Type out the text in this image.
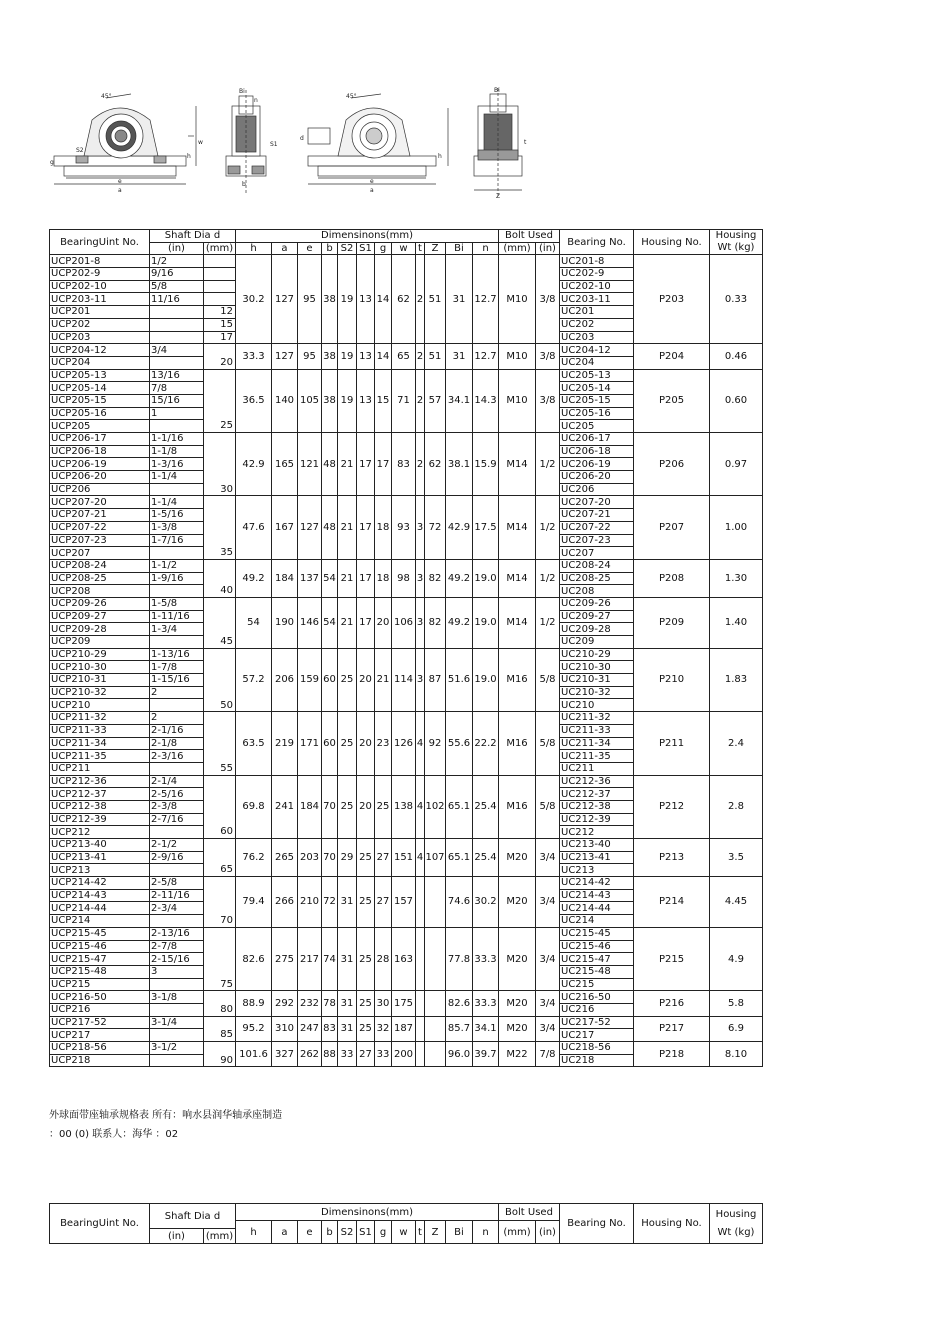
45°
g
S2
h
w
e
a
Bi
n
S1
b
45°
d
h
e
a
Bi
t
Z
BearingUint No.	Shaft Dia d		Dimensinons(mm)												Bolt Used		Bearing No.	Housing No.	Housing
Wt (kg)
			h	a	e	b	S2	S1	g	w	t	Z	Bi	n	(mm)	(in)			
	(in)	(mm)																	
UCP201-8	1/2		30.2	127	95	38	19	13	14	62	2	51	31	12.7	M10	3/8	UC201-8	P203	0.33
UCP202-9	9/16																UC202-9		
UCP202-10	5/8																UC202-10		
UCP203-11	11/16																UC203-11		
UCP201		12															UC201		
UCP202		15															UC202		
UCP203		17															UC203		
UCP204-12	3/4		33.3	127	95	38	19	13	14	65	2	51	31	12.7	M10	3/8	UC204-12	P204	0.46
UCP204		20															UC204		
UCP205-13	13/16		36.5	140	105	38	19	13	15	71	2	57	34.1	14.3	M10	3/8	UC205-13	P205	0.60
UCP205-14	7/8																UC205-14		
UCP205-15	15/16																UC205-15		
UCP205-16	1																UC205-16		
UCP205		25															UC205		
UCP206-17	1-1/16		42.9	165	121	48	21	17	17	83	2	62	38.1	15.9	M14	1/2	UC206-17	P206	0.97
UCP206-18	1-1/8																UC206-18		
UCP206-19	1-3/16																UC206-19		
UCP206-20	1-1/4																UC206-20		
UCP206		30															UC206		
UCP207-20	1-1/4		47.6	167	127	48	21	17	18	93	3	72	42.9	17.5	M14	1/2	UC207-20	P207	1.00
UCP207-21	1-5/16																UC207-21		
UCP207-22	1-3/8																UC207-22		
UCP207-23	1-7/16																UC207-23		
UCP207		35															UC207		
UCP208-24	1-1/2		49.2	184	137	54	21	17	18	98	3	82	49.2	19.0	M14	1/2	UC208-24	P208	1.30
UCP208-25	1-9/16																UC208-25		
UCP208		40															UC208		
UCP209-26	1-5/8		54	190	146	54	21	17	20	106	3	82	49.2	19.0	M14	1/2	UC209-26	P209	1.40
UCP209-27	1-11/16																UC209-27		
UCP209-28	1-3/4																UC209-28		
UCP209		45															UC209		
UCP210-29	1-13/16		57.2	206	159	60	25	20	21	114	3	87	51.6	19.0	M16	5/8	UC210-29	P210	1.83
UCP210-30	1-7/8																UC210-30		
UCP210-31	1-15/16																UC210-31		
UCP210-32	2																UC210-32		
UCP210		50															UC210		
UCP211-32	2		63.5	219	171	60	25	20	23	126	4	92	55.6	22.2	M16	5/8	UC211-32	P211	2.4
UCP211-33	2-1/16																UC211-33		
UCP211-34	2-1/8																UC211-34		
UCP211-35	2-3/16																UC211-35		
UCP211		55															UC211		
UCP212-36	2-1/4		69.8	241	184	70	25	20	25	138	4	102	65.1	25.4	M16	5/8	UC212-36	P212	2.8
UCP212-37	2-5/16																UC212-37		
UCP212-38	2-3/8																UC212-38		
UCP212-39	2-7/16																UC212-39		
UCP212		60															UC212		
UCP213-40	2-1/2		76.2	265	203	70	29	25	27	151	4	107	65.1	25.4	M20	3/4	UC213-40	P213	3.5
UCP213-41	2-9/16																UC213-41		
UCP213		65															UC213		
UCP214-42	2-5/8		79.4	266	210	72	31	25	27	157			74.6	30.2	M20	3/4	UC214-42	P214	4.45
UCP214-43	2-11/16																UC214-43		
UCP214-44	2-3/4																UC214-44		
UCP214		70															UC214		
UCP215-45	2-13/16		82.6	275	217	74	31	25	28	163			77.8	33.3	M20	3/4	UC215-45	P215	4.9
UCP215-46	2-7/8																UC215-46		
UCP215-47	2-15/16																UC215-47		
UCP215-48	3																UC215-48		
UCP215		75															UC215		
UCP216-50	3-1/8		88.9	292	232	78	31	25	30	175			82.6	33.3	M20	3/4	UC216-50	P216	5.8
UCP216		80															UC216		
UCP217-52	3-1/4		95.2	310	247	83	31	25	32	187			85.7	34.1	M20	3/4	UC217-52	P217	6.9
UCP217		85															UC217		
UCP218-56	3-1/2		101.6	327	262	88	33	27	33	200			96.0	39.7	M22	7/8	UC218-56	P218	8.10
UCP218		90															UC218		
外球面带座轴承规格表 所有：响水县润华轴承座制造
：00 (0) 联系人：海华 ：02
BearingUint No.	Shaft Dia d		Dimensinons(mm)												Bolt Used		Bearing No.	Housing No.	Housing
Wt (kg)
			h	a	e	b	S2	S1	g	w	t	Z	Bi	n	(mm)	(in)			
	(in)	(mm)																	
